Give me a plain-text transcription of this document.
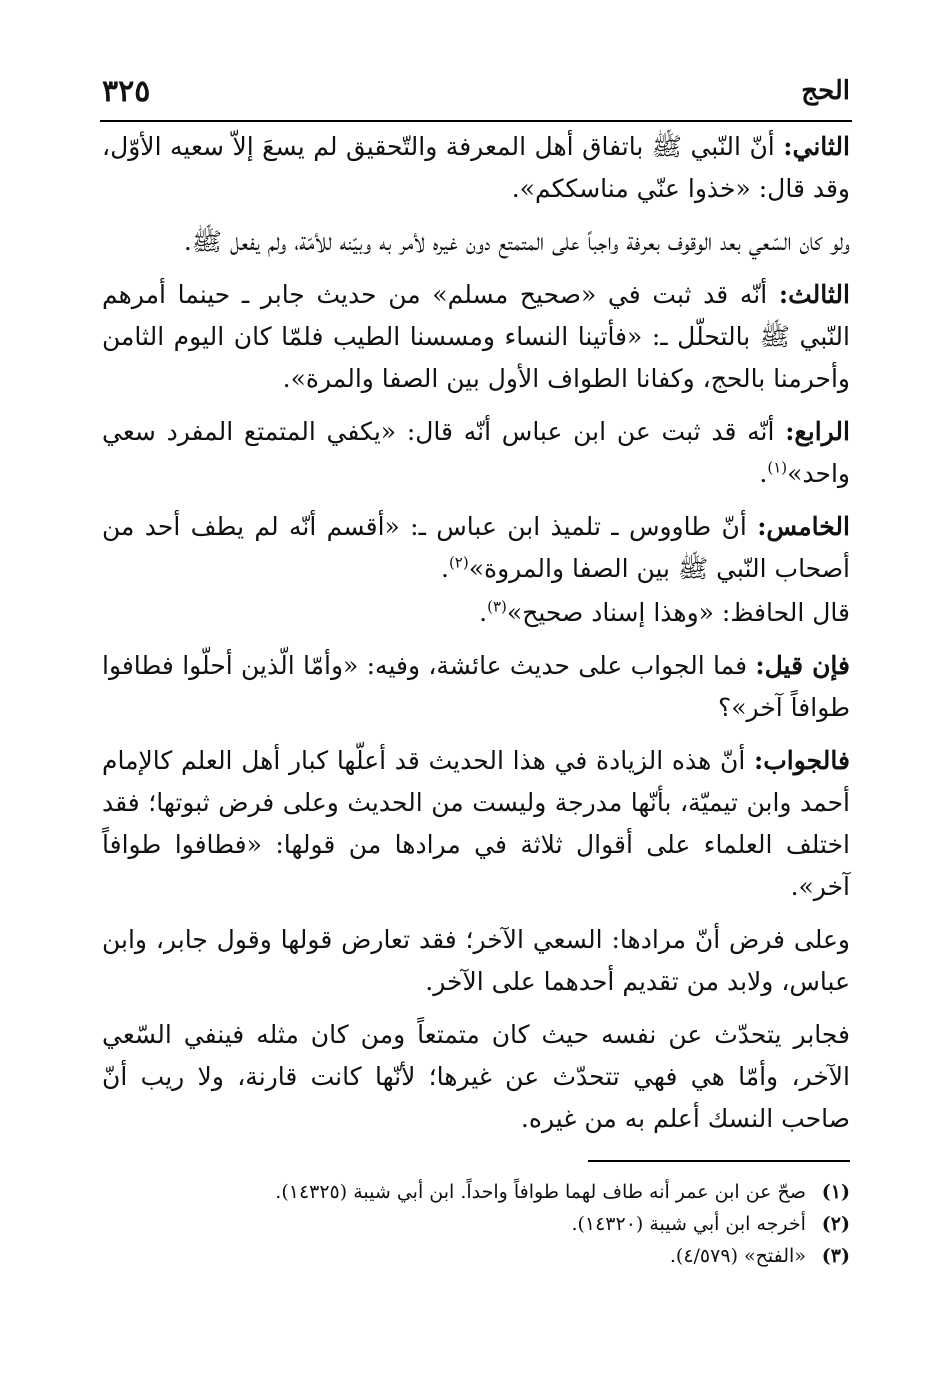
الحج
٣٢٥

الثاني: أنّ النّبي ﷺ باتفاق أهل المعرفة والتّحقيق لم يسعَ إلاّ سعيه الأوّل، وقد قال: «خذوا عنّي مناسككم».

ولو كان السّعي بعد الوقوف بعرفة واجباً على المتمتع دون غيره لأمر به وبيّنه للأمّة، ولم يفعل ﷺ.

الثالث: أنّه قد ثبت في «صحيح مسلم» من حديث جابر ـ حينما أمرهم النّبي ﷺ بالتحلّل ـ: «فأتينا النساء ومسسنا الطيب فلمّا كان اليوم الثامن وأحرمنا بالحج، وكفانا الطواف الأول بين الصفا والمرة».

الرابع: أنّه قد ثبت عن ابن عباس أنّه قال: «يكفي المتمتع المفرد سعي واحد»$^{(١)}$.

الخامس: أنّ طاووس ـ تلميذ ابن عباس ـ: «أقسم أنّه لم يطف أحد من أصحاب النّبي ﷺ بين الصفا والمروة»$^{(٢)}$.

قال الحافظ: «وهذا إسناد صحيح»$^{(٣)}$.

فإن قيل: فما الجواب على حديث عائشة، وفيه: «وأمّا الّذين أحلّوا فطافوا طوافاً آخر»؟

فالجواب: أنّ هذه الزيادة في هذا الحديث قد أعلّها كبار أهل العلم كالإمام أحمد وابن تيميّة، بأنّها مدرجة وليست من الحديث وعلى فرض ثبوتها؛ فقد اختلف العلماء على أقوال ثلاثة في مرادها من قولها: «فطافوا طوافاً آخر».

وعلى فرض أنّ مرادها: السعي الآخر؛ فقد تعارض قولها وقول جابر، وابن عباس، ولابد من تقديم أحدهما على الآخر.

فجابر يتحدّث عن نفسه حيث كان متمتعاً ومن كان مثله فينفي السّعي الآخر، وأمّا هي فهي تتحدّث عن غيرها؛ لأنّها كانت قارنة، ولا ريب أنّ صاحب النسك أعلم به من غيره.

(١) صحّ عن ابن عمر أنه طاف لهما طوافاً واحداً. ابن أبي شيبة (١٤٣٢٥).

(٢) أخرجه ابن أبي شيبة (١٤٣٢٠).

(٣) «الفتح» (٤/٥٧٩).
